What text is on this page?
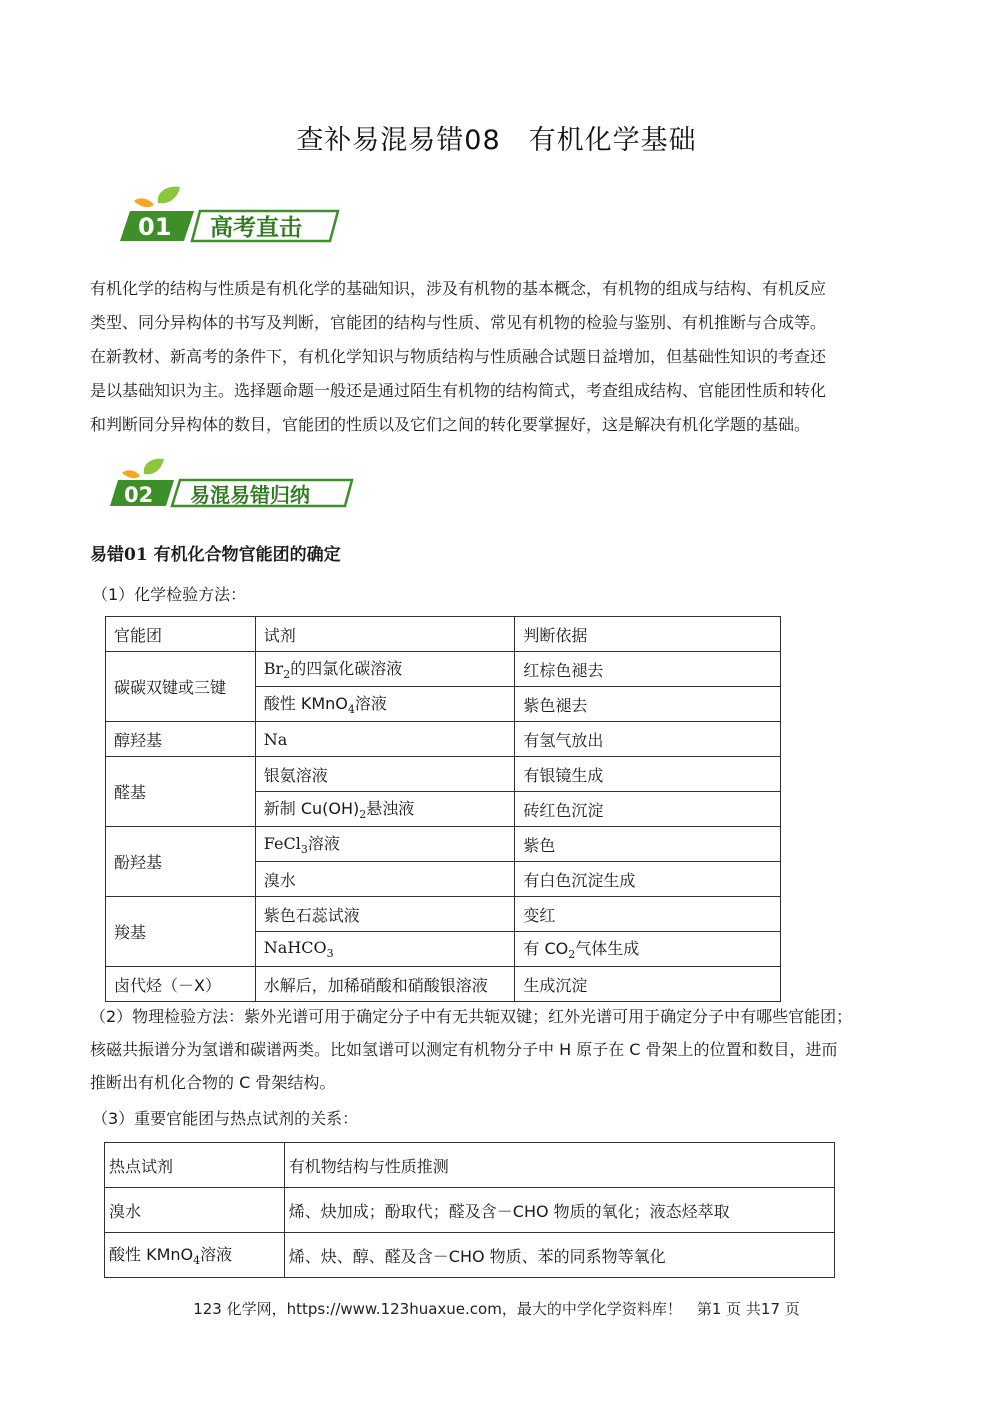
查补易混易错08　有机化学基础
01 高考直击
有机化学的结构与性质是有机化学的基础知识，涉及有机物的基本概念，有机物的组成与结构、有机反应
类型、同分异构体的书写及判断，官能团的结构与性质、常见有机物的检验与鉴别、有机推断与合成等。
在新教材、新高考的条件下，有机化学知识与物质结构与性质融合试题日益增加，但基础性知识的考查还
是以基础知识为主。选择题命题一般还是通过陌生有机物的结构简式，考查组成结构、官能团性质和转化
和判断同分异构体的数目，官能团的性质以及它们之间的转化要掌握好，这是解决有机化学题的基础。
02 易混易错归纳
易错01 有机化合物官能团的确定
（1）化学检验方法：
官能团	试剂	判断依据
碳碳双键或三键	$Br_2$的四氯化碳溶液	红棕色褪去
	酸性 KMnO$_4$溶液	紫色褪去
醇羟基	Na	有氢气放出
醛基	银氨溶液	有银镜生成
	新制 $Cu(OH)_2$悬浊液	砖红色沉淀
酚羟基	FeCl$_3$溶液	紫色
	溴水	有白色沉淀生成
羧基	紫色石蕊试液	变红
	NaHCO$_3$	有 $CO_2$气体生成
卤代烃（－X）	水解后，加稀硝酸和硝酸银溶液	生成沉淀
（2）物理检验方法：紫外光谱可用于确定分子中有无共轭双键；红外光谱可用于确定分子中有哪些官能团；
核磁共振谱分为氢谱和碳谱两类。比如氢谱可以测定有机物分子中 H 原子在 C 骨架上的位置和数目，进而
推断出有机化合物的 C 骨架结构。
（3）重要官能团与热点试剂的关系：
热点试剂	有机物结构与性质推测
溴水	烯、炔加成；酚取代；醛及含－CHO 物质的氧化；液态烃萃取
酸性 KMnO$_4$溶液	烯、炔、醇、醛及含－CHO 物质、苯的同系物等氧化
123 化学网，https://www.123huaxue.com，最大的中学化学资料库！　第1 页 共17 页
